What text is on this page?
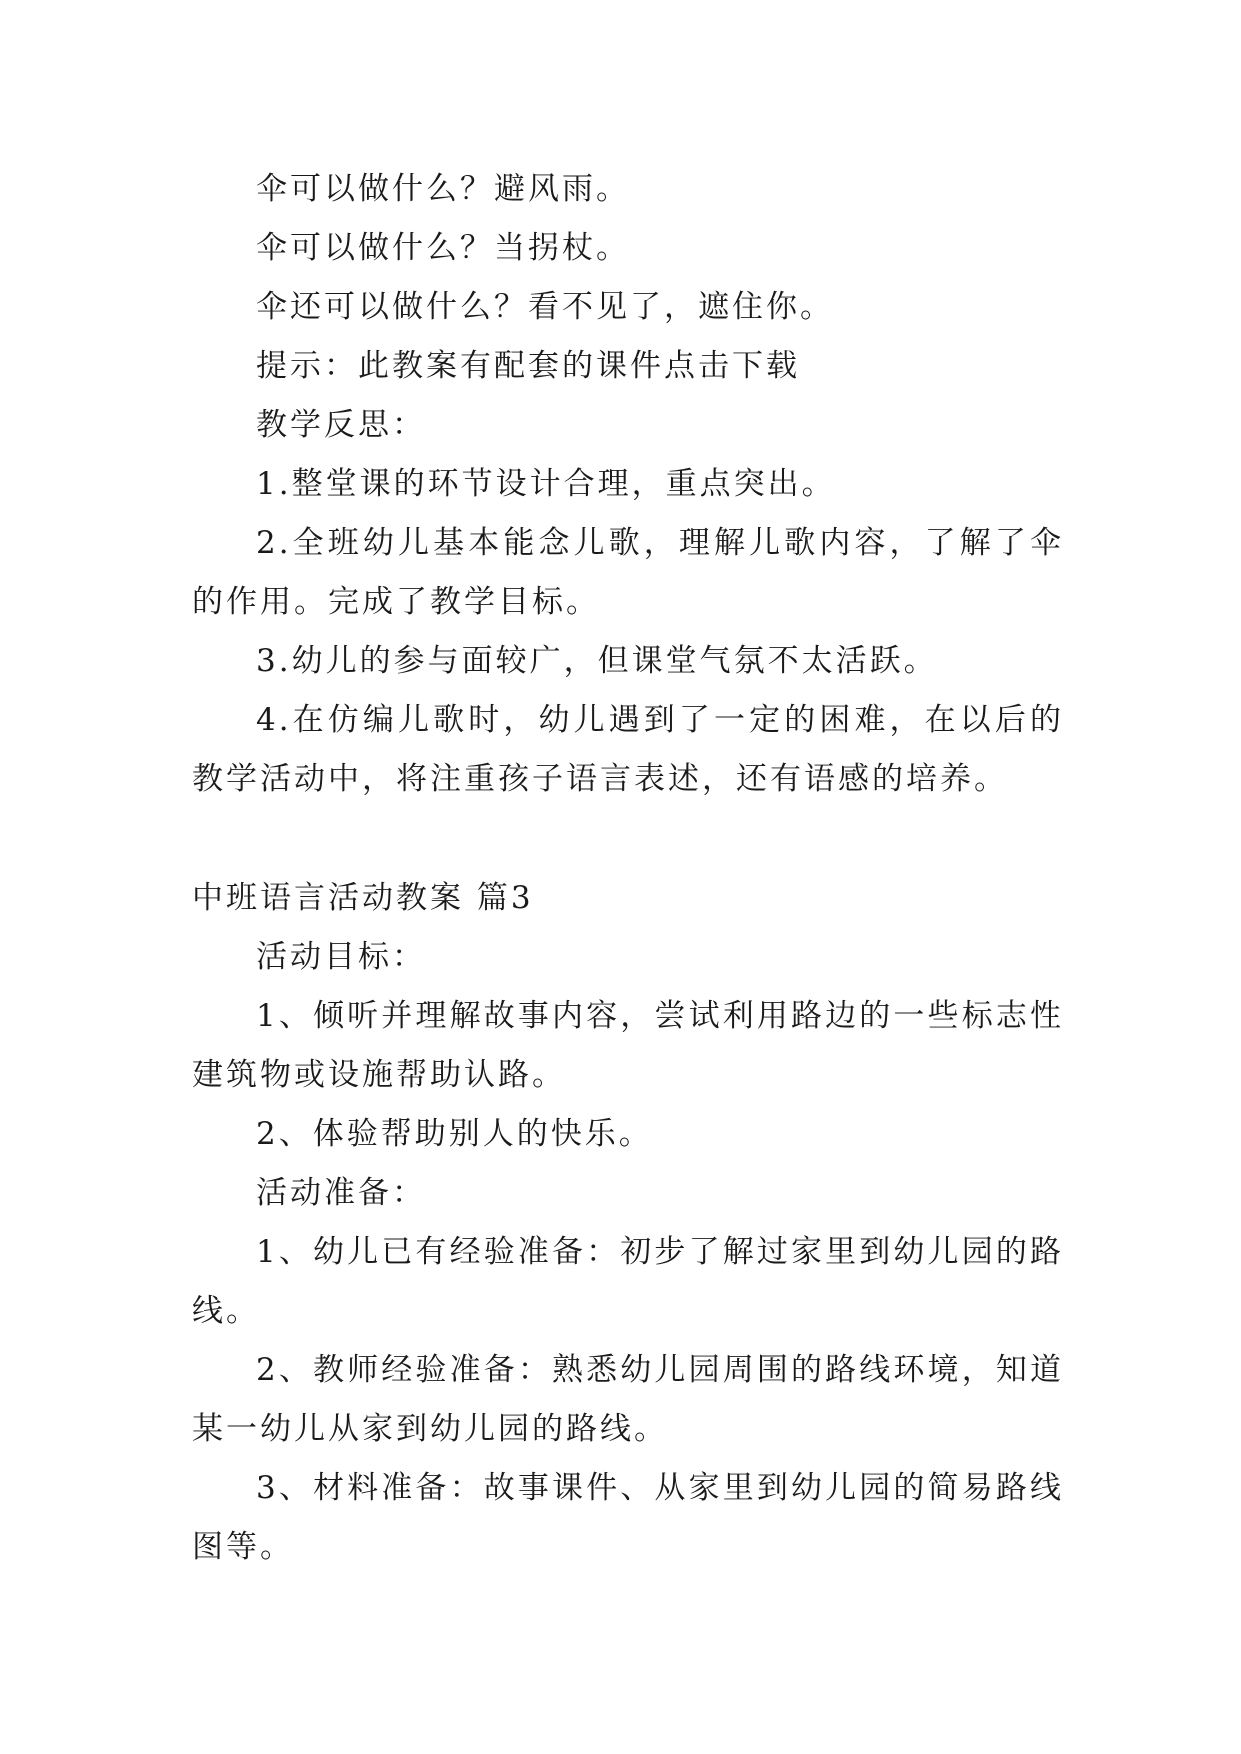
伞可以做什么？避风雨。

伞可以做什么？当拐杖。

伞还可以做什么？看不见了，遮住你。

提示：此教案有配套的课件点击下载

教学反思：

1.整堂课的环节设计合理，重点突出。

2.全班幼儿基本能念儿歌，理解儿歌内容，了解了伞的作用。完成了教学目标。

3.幼儿的参与面较广，但课堂气氛不太活跃。

4.在仿编儿歌时，幼儿遇到了一定的困难，在以后的教学活动中，将注重孩子语言表述，还有语感的培养。

中班语言活动教案 篇3

活动目标：

1、倾听并理解故事内容，尝试利用路边的一些标志性建筑物或设施帮助认路。

2、体验帮助别人的快乐。

活动准备：

1、幼儿已有经验准备：初步了解过家里到幼儿园的路线。

2、教师经验准备：熟悉幼儿园周围的路线环境，知道某一幼儿从家到幼儿园的路线。

3、材料准备：故事课件、从家里到幼儿园的简易路线图等。
